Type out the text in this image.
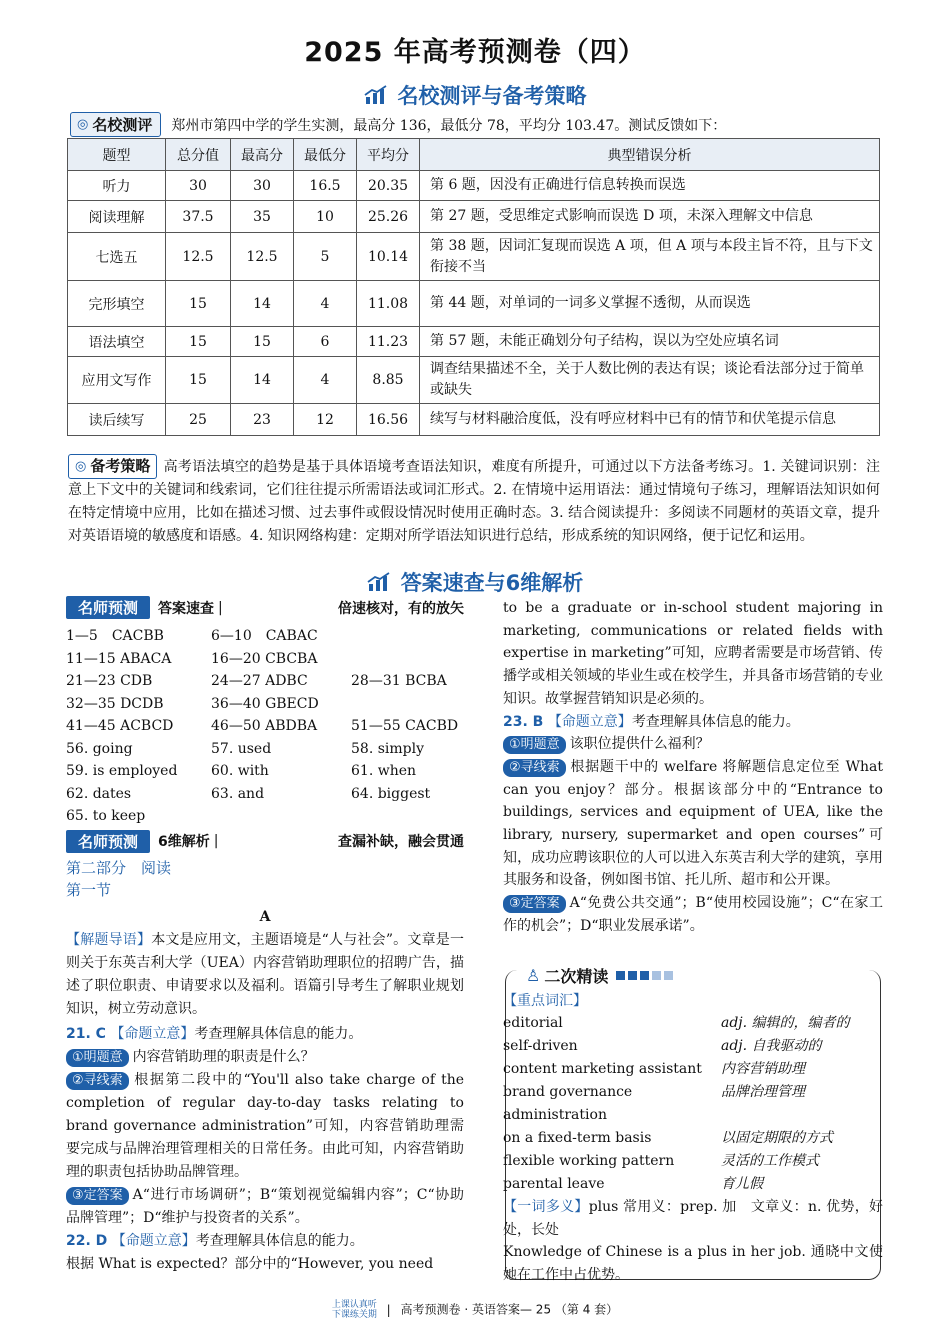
2025 年高考预测卷（四）
名校测评与备考策略
◎ 名校测评 郑州市第四中学的学生实测，最高分 136，最低分 78，平均分 103.47。测试反馈如下：
题型	总分值	最高分	最低分	平均分	典型错误分析
听力	30	30	16.5	20.35	第 6 题，因没有正确进行信息转换而误选
阅读理解	37.5	35	10	25.26	第 27 题，受思维定式影响而误选 D 项，未深入理解文中信息
七选五	12.5	12.5	5	10.14	第 38 题，因词汇复现而误选 A 项，但 A 项与本段主旨不符，且与下文衔接不当
完形填空	15	14	4	11.08	第 44 题，对单词的一词多义掌握不透彻，从而误选
语法填空	15	15	6	11.23	第 57 题，未能正确划分句子结构，误以为空处应填名词
应用文写作	15	14	4	8.85	调查结果描述不全，关于人数比例的表达有误；谈论看法部分过于简单或缺失
读后续写	25	23	12	16.56	续写与材料融洽度低，没有呼应材料中已有的情节和伏笔提示信息
◎ 备考策略 高考语法填空的趋势是基于具体语境考查语法知识，难度有所提升，可通过以下方法备考练习。1. 关键词识别：注意上下文中的关键词和线索词，它们往往提示所需语法或词汇形式。2. 在情境中运用语法：通过情境句子练习，理解语法知识如何在特定情境中应用，比如在描述习惯、过去事件或假设情况时使用正确时态。3. 结合阅读提升：多阅读不同题材的英语文章，提升对英语语境的敏感度和语感。4. 知识网络构建：定期对所学语法知识进行总结，形成系统的知识网络，便于记忆和运用。
答案速查与6维解析
名师预测	答案速查 |	倍速核对，有的放矢
1—5　CACBB	6—10　CABAC
11—15 ABACA	16—20 CBCBA
21—23 CDB	24—27 ADBC	28—31 BCBA
32—35 DCDB	36—40 GBECD
41—45 ACBCD	46—50 ABDBA	51—55 CACBD
56. going	57. used	58. simply
59. is employed	60. with	61. when
62. dates	63. and	64. biggest
65. to keep
名师预测	6维解析 |	查漏补缺，融会贯通
第二部分　阅读
第一节
A
【解题导语】本文是应用文，主题语境是“人与社会”。文章是一则关于东英吉利大学（UEA）内容营销助理职位的招聘广告，描述了职位职责、申请要求以及福利。语篇引导考生了解职业规划知识，树立劳动意识。
21. C 【命题立意】考查理解具体信息的能力。
①明题意 内容营销助理的职责是什么？
②寻线索 根据第二段中的“You'll also take charge of the completion of regular day-to-day tasks relating to brand governance administration”可知，内容营销助理需要完成与品牌治理管理相关的日常任务。由此可知，内容营销助理的职责包括协助品牌管理。
③定答案 A“进行市场调研”；B“策划视觉编辑内容”；C“协助品牌管理”；D“维护与投资者的关系”。
22. D 【命题立意】考查理解具体信息的能力。
根据 What is expected？部分中的“However, you need
to be a graduate or in-school student majoring in marketing, communications or related fields with expertise in marketing”可知，应聘者需要是市场营销、传播学或相关领域的毕业生或在校学生，并具备市场营销的专业知识。故掌握营销知识是必须的。
23. B 【命题立意】考查理解具体信息的能力。
①明题意 该职位提供什么福利？
②寻线索 根据题干中的 welfare 将解题信息定位至 What can you enjoy？部分。根据该部分中的“Entrance to buildings, services and equipment of UEA, like the library, nursery, supermarket and open courses”可知，成功应聘该职位的人可以进入东英吉利大学的建筑，享用其服务和设备，例如图书馆、托儿所、超市和公开课。
③定答案 A“免费公共交通”；B“使用校园设施”；C“在家工作的机会”；D“职业发展承诺”。
♙ 二次精读
【重点词汇】
editorial	adj. 编辑的，编者的
self-driven	adj. 自我驱动的
content marketing assistant	内容营销助理
brand governance administration
品牌治理管理
on a fixed-term basis	以固定期限的方式
flexible working pattern	灵活的工作模式
parental leave	育儿假
【一词多义】plus 常用义：prep. 加　文章义：n. 优势，好处，长处
Knowledge of Chinese is a plus in her job. 通晓中文使她在工作中占优势。
上课认真听
下课练关期 | 高考预测卷 · 英语答案— 25 （第 4 套）
